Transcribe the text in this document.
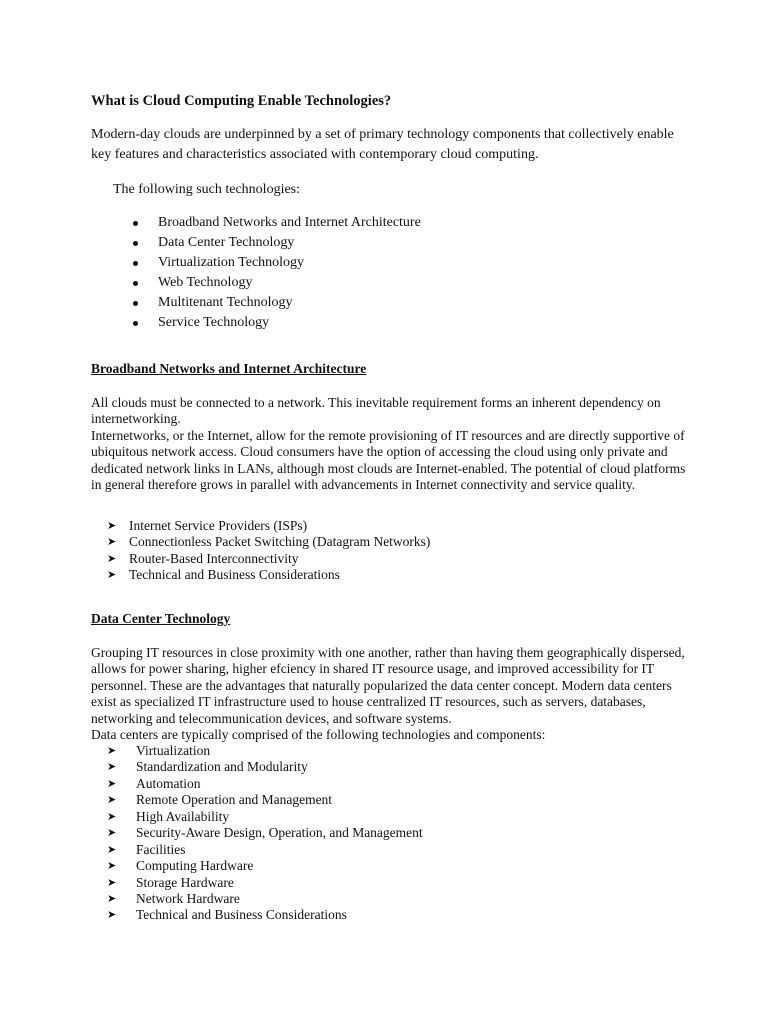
What is Cloud Computing Enable Technologies?

Modern-day clouds are underpinned by a set of primary technology components that collectively enable key features and characteristics associated with contemporary cloud computing.

The following such technologies:

Broadband Networks and Internet Architecture
Data Center Technology
Virtualization Technology
Web Technology
Multitenant Technology
Service Technology
Broadband Networks and Internet Architecture

All clouds must be connected to a network. This inevitable requirement forms an inherent dependency on internetworking.

Internetworks, or the Internet, allow for the remote provisioning of IT resources and are directly supportive of ubiquitous network access. Cloud consumers have the option of accessing the cloud using only private and dedicated network links in LANs, although most clouds are Internet-enabled. The potential of cloud platforms in general therefore grows in parallel with advancements in Internet connectivity and service quality.

➤ Internet Service Providers (ISPs)
➤ Connectionless Packet Switching (Datagram Networks)
➤ Router-Based Interconnectivity
➤ Technical and Business Considerations
Data Center Technology

Grouping IT resources in close proximity with one another, rather than having them geographically dispersed, allows for power sharing, higher efciency in shared IT resource usage, and improved accessibility for IT personnel. These are the advantages that naturally popularized the data center concept. Modern data centers exist as specialized IT infrastructure used to house centralized IT resources, such as servers, databases, networking and telecommunication devices, and software systems.

Data centers are typically comprised of the following technologies and components:

➤ Virtualization
➤ Standardization and Modularity
➤ Automation
➤ Remote Operation and Management
➤ High Availability
➤ Security-Aware Design, Operation, and Management
➤ Facilities
➤ Computing Hardware
➤ Storage Hardware
➤ Network Hardware
➤ Technical and Business Considerations
